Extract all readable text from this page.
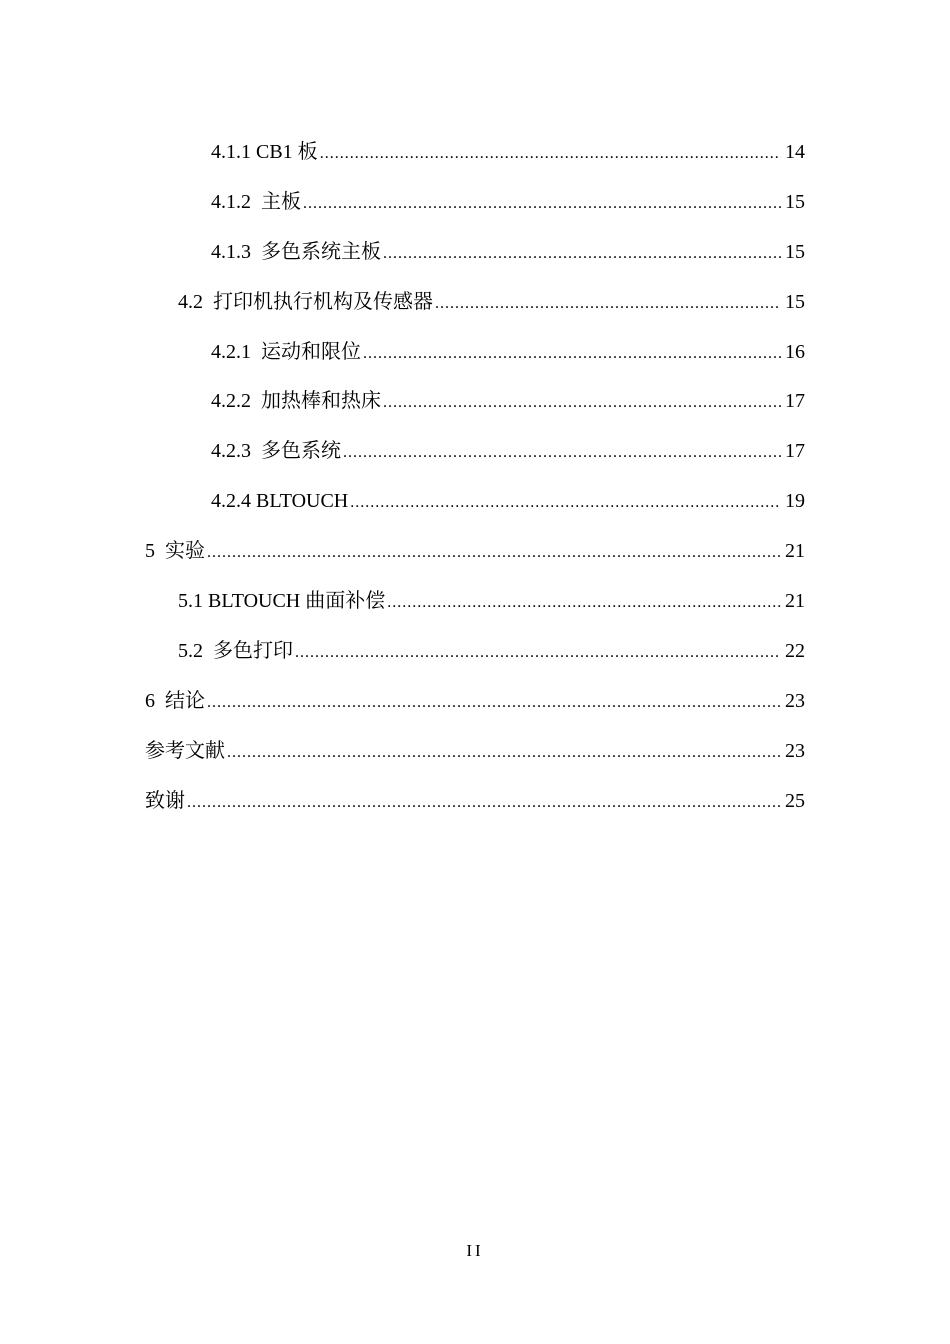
4.1.1 CB1 板 .....	14
4.1.2  主板 .....	15
4.1.3  多色系统主板 .....	15
4.2  打印机执行机构及传感器 .....	15
4.2.1  运动和限位 .....	16
4.2.2  加热棒和热床 .....	17
4.2.3  多色系统 .....	17
4.2.4 BLTOUCH .....	19
5  实验 .....	21
5.1 BLTOUCH 曲面补偿 .....	21
5.2  多色打印 .....	22
6  结论 .....	23
参考文献 .....	23
致谢 .....	25
II
